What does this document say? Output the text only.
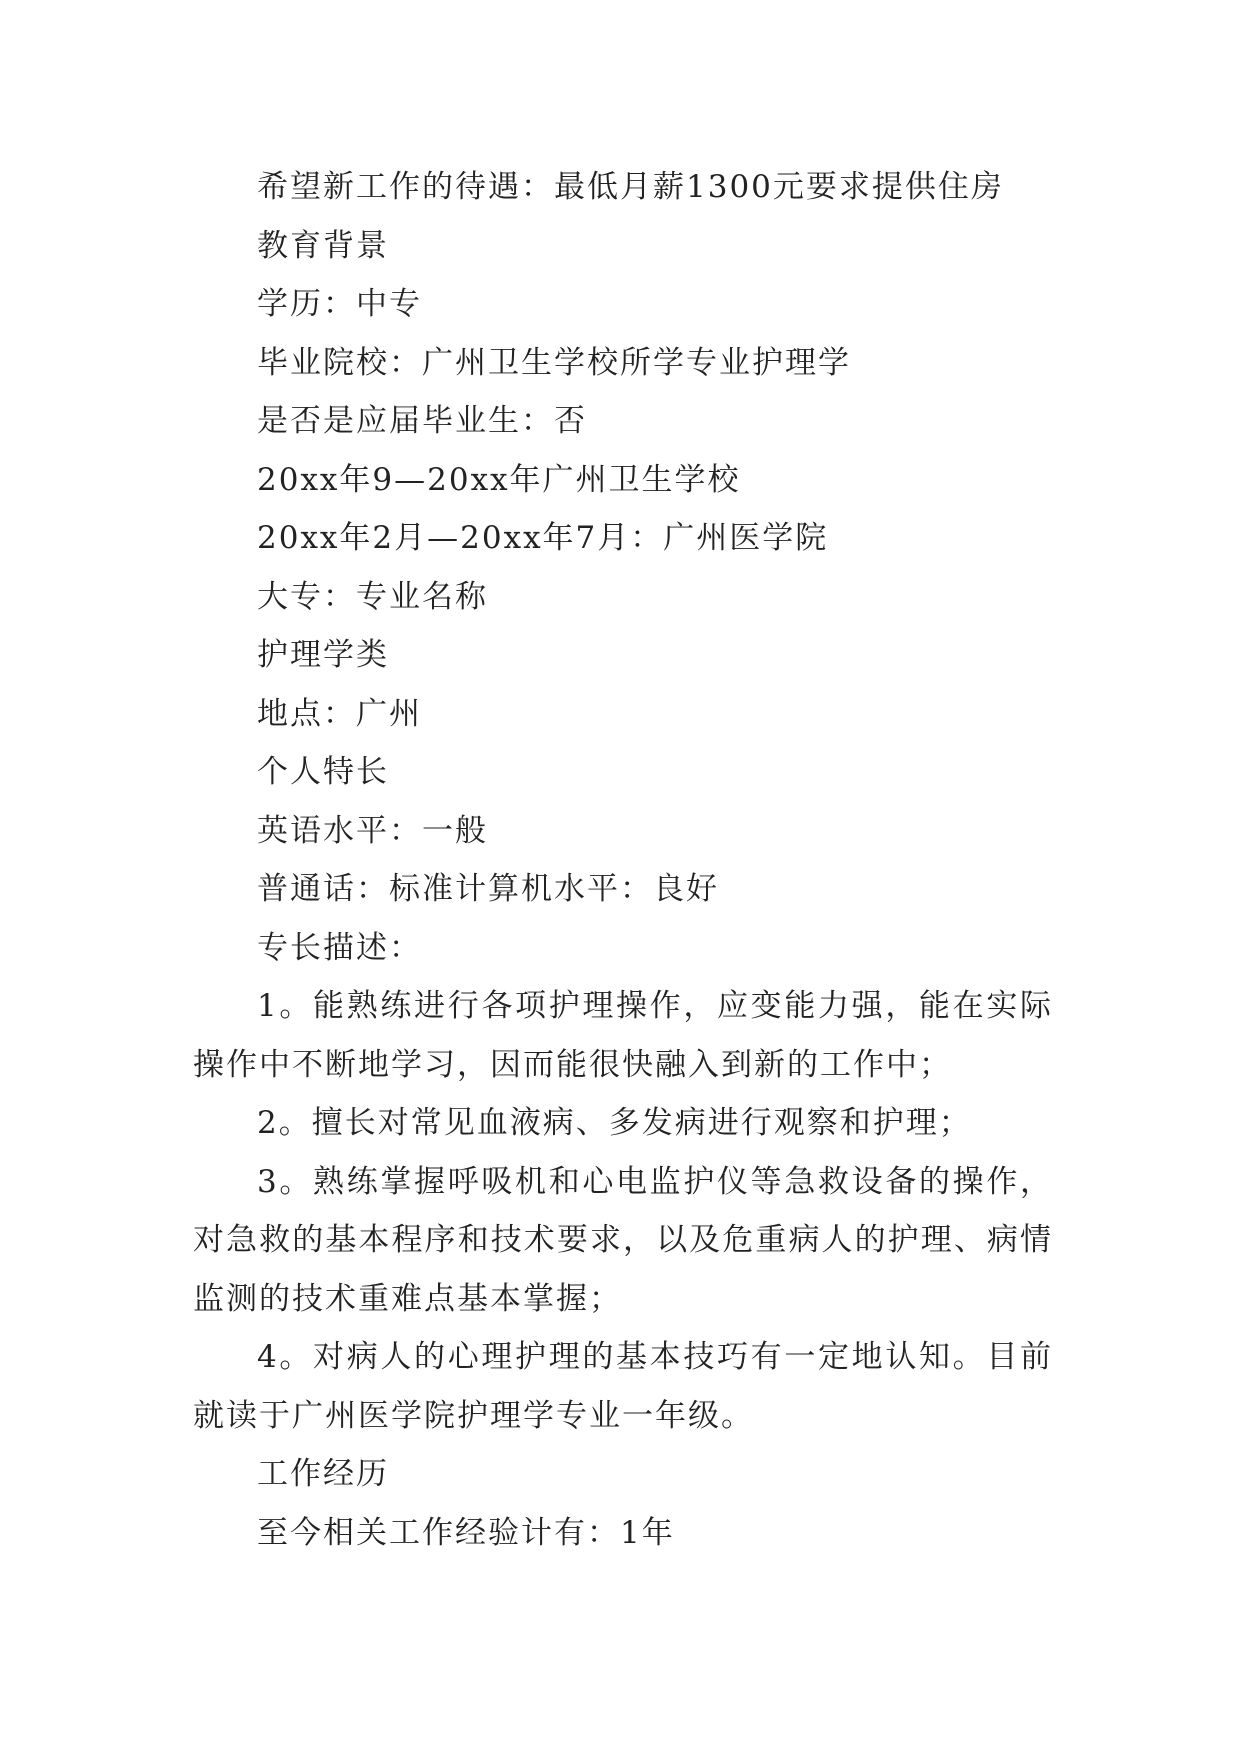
希望新工作的待遇：最低月薪1300元要求提供住房
教育背景
学历：中专
毕业院校：广州卫生学校所学专业护理学
是否是应届毕业生：否
20xx年9—20xx年广州卫生学校
20xx年2月—20xx年7月：广州医学院
大专：专业名称
护理学类
地点：广州
个人特长
英语水平：一般
普通话：标准计算机水平：良好
专长描述：
1。能熟练进行各项护理操作，应变能力强，能在实际操作中不断地学习，因而能很快融入到新的工作中；
2。擅长对常见血液病、多发病进行观察和护理；
3。熟练掌握呼吸机和心电监护仪等急救设备的操作，对急救的基本程序和技术要求，以及危重病人的护理、病情监测的技术重难点基本掌握；
4。对病人的心理护理的基本技巧有一定地认知。目前就读于广州医学院护理学专业一年级。
工作经历
至今相关工作经验计有：1年
